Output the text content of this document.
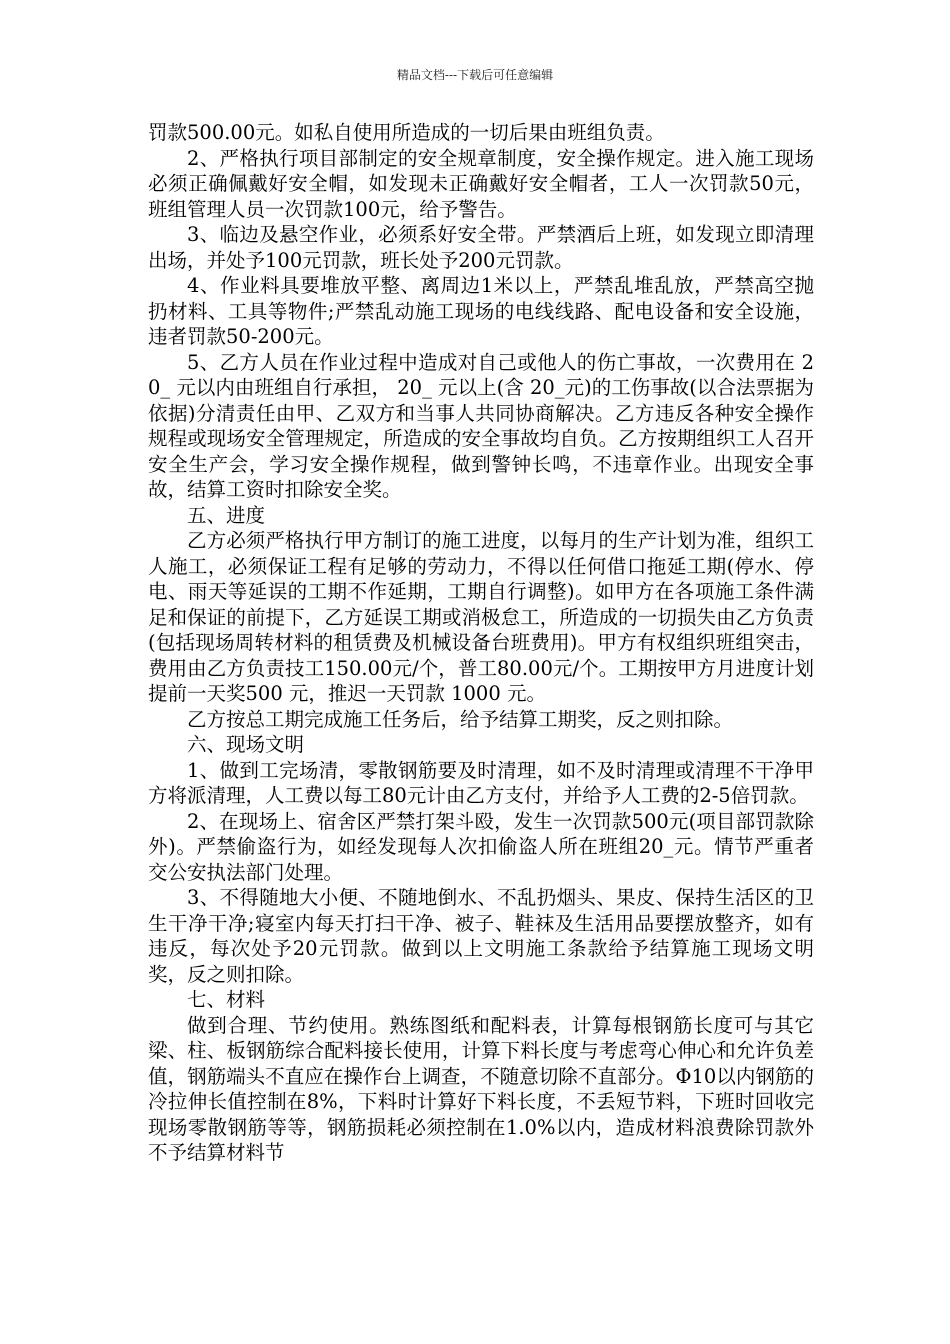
精品文档---下载后可任意编辑

罚款500.00元。如私自使用所造成的一切后果由班组负责。

2、严格执行项目部制定的安全规章制度，安全操作规定。进入施工现场必须正确佩戴好安全帽，如发现未正确戴好安全帽者，工人一次罚款50元，班组管理人员一次罚款100元，给予警告。

3、临边及悬空作业，必须系好安全带。严禁酒后上班，如发现立即清理出场，并处予100元罚款，班长处予200元罚款。

4、作业料具要堆放平整、离周边1米以上，严禁乱堆乱放，严禁高空抛扔材料、工具等物件;严禁乱动施工现场的电线线路、配电设备和安全设施，违者罚款50-200元。

5、乙方人员在作业过程中造成对自己或他人的伤亡事故，一次费用在 20_ 元以内由班组自行承担， 20_ 元以上(含 20_元)的工伤事故(以合法票据为依据)分清责任由甲、乙双方和当事人共同协商解决。乙方违反各种安全操作规程或现场安全管理规定，所造成的安全事故均自负。乙方按期组织工人召开安全生产会，学习安全操作规程，做到警钟长鸣，不违章作业。出现安全事故，结算工资时扣除安全奖。

五、进度

乙方必须严格执行甲方制订的施工进度，以每月的生产计划为准，组织工人施工，必须保证工程有足够的劳动力，不得以任何借口拖延工期(停水、停电、雨天等延误的工期不作延期，工期自行调整)。如甲方在各项施工条件满足和保证的前提下，乙方延误工期或消极怠工，所造成的一切损失由乙方负责(包括现场周转材料的租赁费及机械设备台班费用)。甲方有权组织班组突击，费用由乙方负责技工150.00元/个，普工80.00元/个。工期按甲方月进度计划提前一天奖500 元，推迟一天罚款 1000 元。

乙方按总工期完成施工任务后，给予结算工期奖，反之则扣除。

六、现场文明

1、做到工完场清，零散钢筋要及时清理，如不及时清理或清理不干净甲方将派清理，人工费以每工80元计由乙方支付，并给予人工费的2-5倍罚款。

2、在现场上、宿舍区严禁打架斗殴，发生一次罚款500元(项目部罚款除外)。严禁偷盗行为，如经发现每人次扣偷盗人所在班组20_元。情节严重者交公安执法部门处理。

3、不得随地大小便、不随地倒水、不乱扔烟头、果皮、保持生活区的卫生干净干净;寝室内每天打扫干净、被子、鞋袜及生活用品要摆放整齐，如有违反，每次处予20元罚款。做到以上文明施工条款给予结算施工现场文明奖，反之则扣除。

七、材料

做到合理、节约使用。熟练图纸和配料表，计算每根钢筋长度可与其它梁、柱、板钢筋综合配料接长使用，计算下料长度与考虑弯心伸心和允许负差值，钢筋端头不直应在操作台上调查，不随意切除不直部分。Φ10以内钢筋的冷拉伸长值控制在8%，下料时计算好下料长度，不丢短节料，下班时回收完现场零散钢筋等等，钢筋损耗必须控制在1.0%以内，造成材料浪费除罚款外不予结算材料节
